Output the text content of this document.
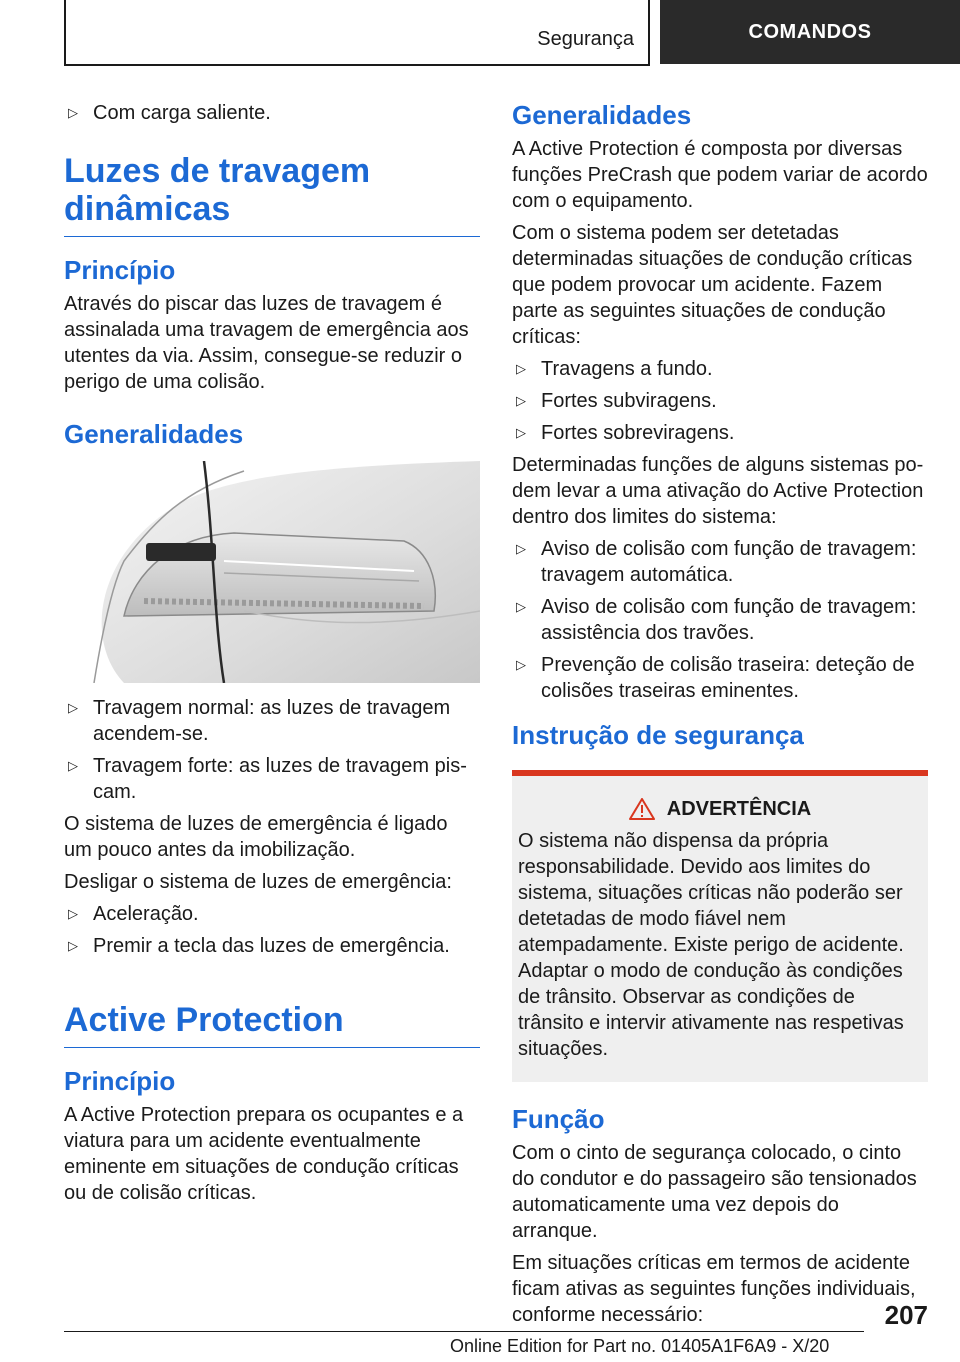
Segurança	COMANDOS
▷ Com carga saliente.
Luzes de travagem dinâmicas
Princípio

Através do piscar das luzes de travagem é assinalada uma travagem de emergência aos utentes da via. Assim, consegue-se reduzir o perigo de uma colisão.

Generalidades
▷ Travagem normal: as luzes de travagem acendem-se.
▷ Travagem forte: as luzes de travagem piscam.

O sistema de luzes de emergência é ligado um pouco antes da imobilização.

Desligar o sistema de luzes de emergência:

▷ Aceleração.
▷ Premir a tecla das luzes de emergência.
Active Protection
Princípio

A Active Protection prepara os ocupantes e a viatura para um acidente eventualmente eminente em situações de condução críticas ou de colisão críticas.

Generalidades

A Active Protection é composta por diversas funções PreCrash que podem variar de acordo com o equipamento.

Com o sistema podem ser detetadas determinadas situações de condução críticas que podem provocar um acidente. Fazem parte as seguintes situações de condução críticas:

▷ Travagens a fundo.
▷ Fortes subviragens.
▷ Fortes sobreviragens.

Determinadas funções de alguns sistemas podem levar a uma ativação do Active Protection dentro dos limites do sistema:

▷ Aviso de colisão com função de travagem: travagem automática.
▷ Aviso de colisão com função de travagem: assistência dos travões.
▷ Prevenção de colisão traseira: deteção de colisões traseiras eminentes.
Instrução de segurança
ADVERTÊNCIA

O sistema não dispensa da própria responsabilidade. Devido aos limites do sistema, situações críticas não poderão ser detetadas de modo fiável nem atempadamente. Existe perigo de acidente. Adaptar o modo de condução às condições de trânsito. Observar as condições de trânsito e intervir ativamente nas respetivas situações.

Função

Com o cinto de segurança colocado, o cinto do condutor e do passageiro são tensionados automaticamente uma vez depois do arranque.

Em situações críticas em termos de acidente ficam ativas as seguintes funções individuais, conforme necessário:	207
Online Edition for Part no. 01405A1F6A9 - X/20
